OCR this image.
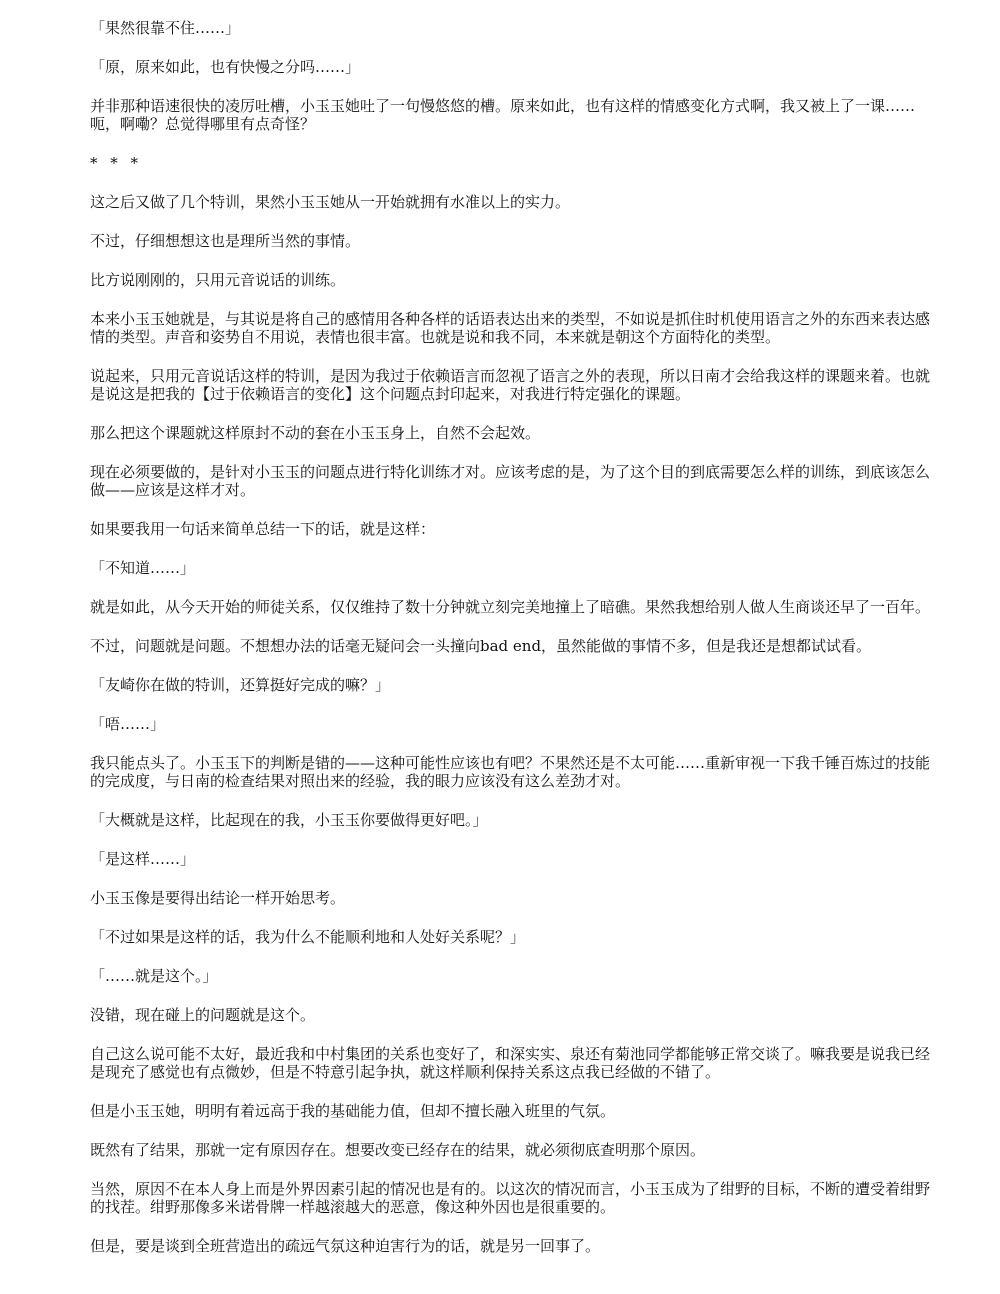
「果然很靠不住……」

「原，原来如此，也有快慢之分吗……」

并非那种语速很快的凌厉吐槽，小玉玉她吐了一句慢悠悠的槽。原来如此，也有这样的情感变化方式啊，我又被上了一课……呃，啊嘞？总觉得哪里有点奇怪？

* * *

这之后又做了几个特训，果然小玉玉她从一开始就拥有水准以上的实力。

不过，仔细想想这也是理所当然的事情。

比方说刚刚的，只用元音说话的训练。

本来小玉玉她就是，与其说是将自己的感情用各种各样的话语表达出来的类型，不如说是抓住时机使用语言之外的东西来表达感情的类型。声音和姿势自不用说，表情也很丰富。也就是说和我不同，本来就是朝这个方面特化的类型。

说起来，只用元音说话这样的特训，是因为我过于依赖语言而忽视了语言之外的表现，所以日南才会给我这样的课题来着。也就是说这是把我的【过于依赖语言的变化】这个问题点封印起来，对我进行特定强化的课题。

那么把这个课题就这样原封不动的套在小玉玉身上，自然不会起效。

现在必须要做的，是针对小玉玉的问题点进行特化训练才对。应该考虑的是，为了这个目的到底需要怎么样的训练，到底该怎么做——应该是这样才对。

如果要我用一句话来简单总结一下的话，就是这样：

「不知道……」

就是如此，从今天开始的师徒关系，仅仅维持了数十分钟就立刻完美地撞上了暗礁。果然我想给别人做人生商谈还早了一百年。

不过，问题就是问题。不想想办法的话毫无疑问会一头撞向bad end，虽然能做的事情不多，但是我还是想都试试看。

「友崎你在做的特训，还算挺好完成的嘛？」

「唔……」

我只能点头了。小玉玉下的判断是错的——这种可能性应该也有吧？不果然还是不太可能……重新审视一下我千锤百炼过的技能的完成度，与日南的检查结果对照出来的经验，我的眼力应该没有这么差劲才对。

「大概就是这样，比起现在的我，小玉玉你要做得更好吧。」

「是这样……」

小玉玉像是要得出结论一样开始思考。

「不过如果是这样的话，我为什么不能顺利地和人处好关系呢？」

「……就是这个。」

没错，现在碰上的问题就是这个。

自己这么说可能不太好，最近我和中村集团的关系也变好了，和深实实、泉还有菊池同学都能够正常交谈了。嘛我要是说我已经是现充了感觉也有点微妙，但是不特意引起争执，就这样顺利保持关系这点我已经做的不错了。

但是小玉玉她，明明有着远高于我的基础能力值，但却不擅长融入班里的气氛。

既然有了结果，那就一定有原因存在。想要改变已经存在的结果，就必须彻底查明那个原因。

当然，原因不在本人身上而是外界因素引起的情况也是有的。以这次的情况而言，小玉玉成为了绀野的目标，不断的遭受着绀野的找茬。绀野那像多米诺骨牌一样越滚越大的恶意，像这种外因也是很重要的。

但是，要是谈到全班营造出的疏远气氛这种迫害行为的话，就是另一回事了。
